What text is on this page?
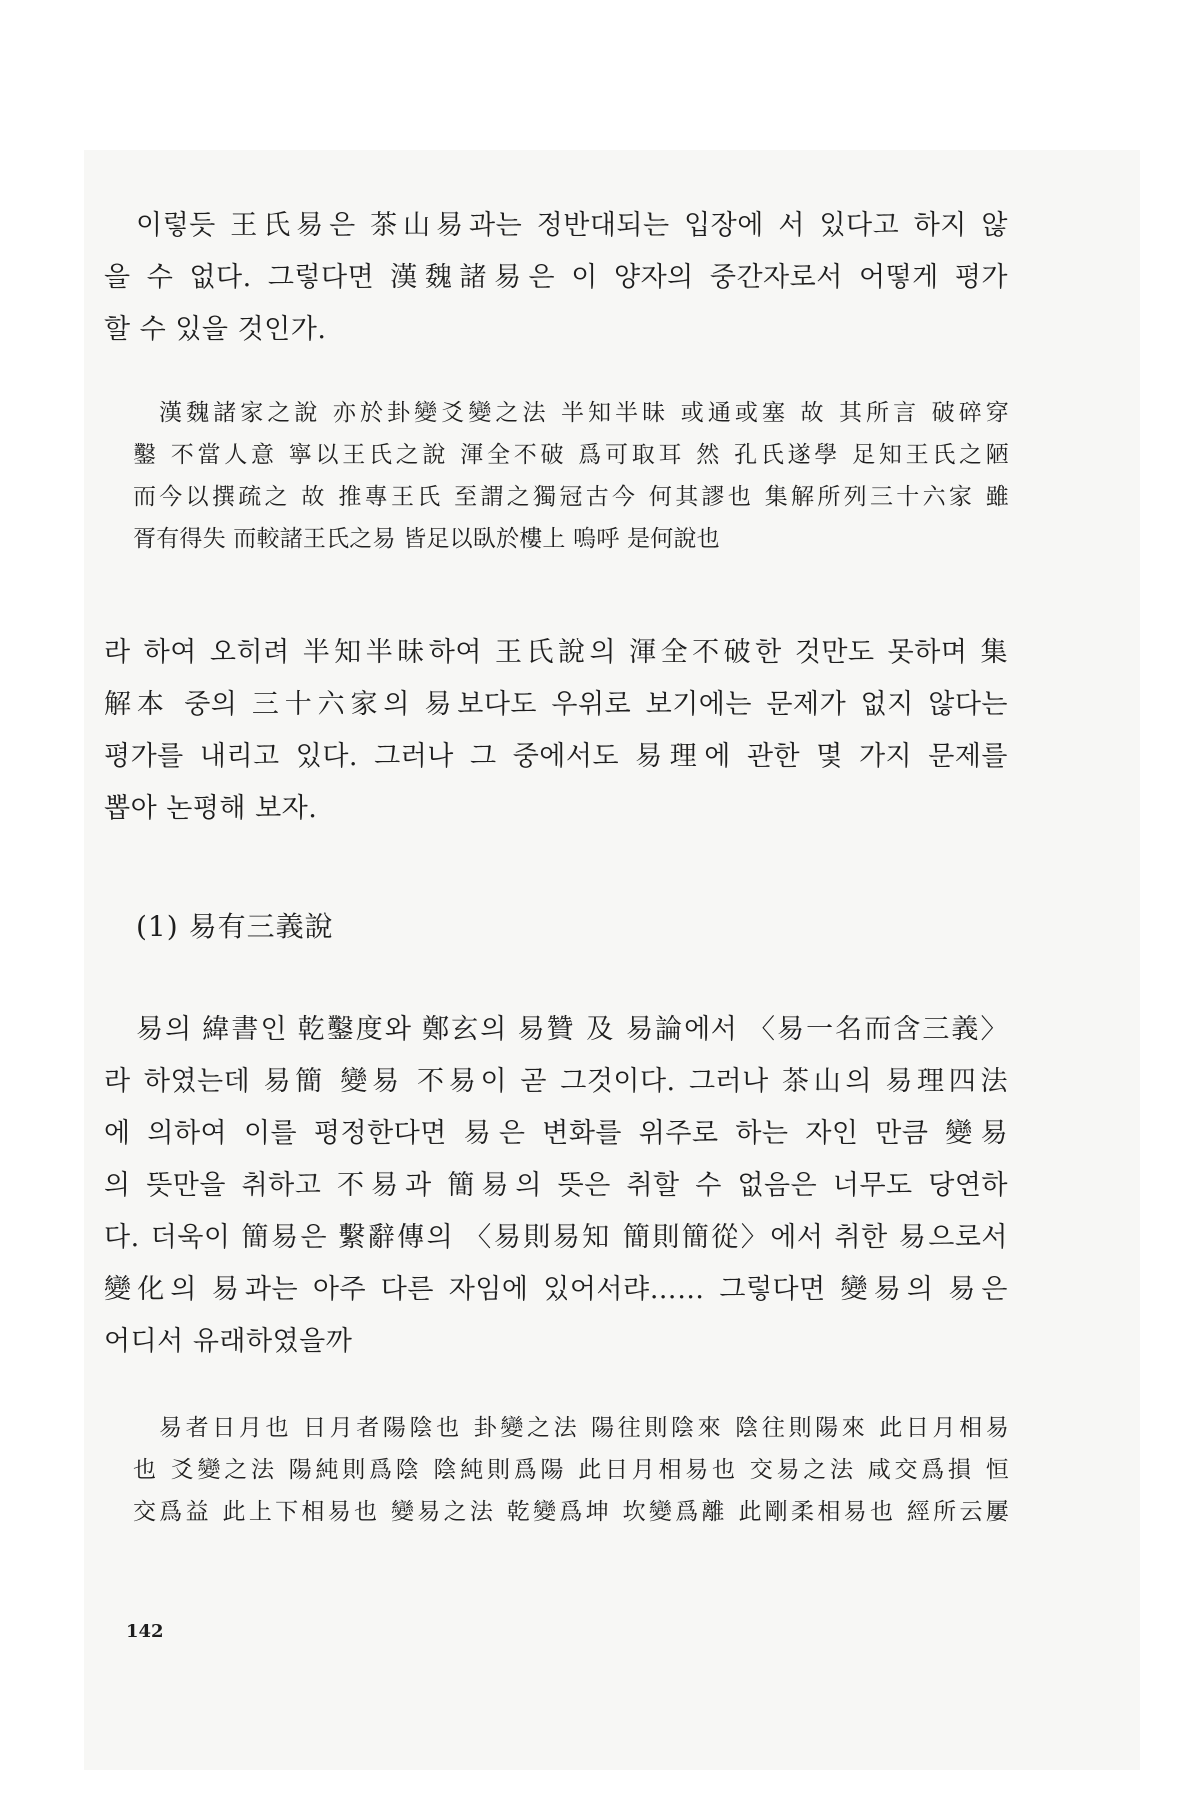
이렇듯 王氏易은 茶山易과는 정반대되는 입장에 서 있다고 하지 않
을 수 없다. 그렇다면 漢魏諸易은 이 양자의 중간자로서 어떻게 평가
할 수 있을 것인가.
漢魏諸家之說 亦於卦變爻變之法 半知半昧 或通或塞 故 其所言 破碎穿
鑿 不當人意 寧以王氏之說 渾全不破 爲可取耳 然 孔氏遂學 足知王氏之陋
而今以撰疏之 故 推專王氏 至謂之獨冠古今 何其謬也 集解所列三十六家 雖
胥有得失 而較諸王氏之易 皆足以臥於樓上 嗚呼 是何說也
라 하여 오히려 半知半昧하여 王氏說의 渾全不破한 것만도 못하며 集
解本 중의 三十六家의 易보다도 우위로 보기에는 문제가 없지 않다는
평가를 내리고 있다. 그러나 그 중에서도 易理에 관한 몇 가지 문제를
뽑아 논평해 보자.
(1) 易有三義說
易의 緯書인 乾鑿度와 鄭玄의 易贊 及 易論에서 〈易一名而含三義〉
라 하였는데 易簡 變易 不易이 곧 그것이다. 그러나 茶山의 易理四法
에 의하여 이를 평정한다면 易은 변화를 위주로 하는 자인 만큼 變易
의 뜻만을 취하고 不易과 簡易의 뜻은 취할 수 없음은 너무도 당연하
다. 더욱이 簡易은 繫辭傳의 〈易則易知 簡則簡從〉에서 취한 易으로서
變化의 易과는 아주 다른 자임에 있어서랴…… 그렇다면 變易의 易은
어디서 유래하였을까
易者日月也 日月者陽陰也 卦變之法 陽往則陰來 陰往則陽來 此日月相易
也 爻變之法 陽純則爲陰 陰純則爲陽 此日月相易也 交易之法 咸交爲損 恒
交爲益 此上下相易也 變易之法 乾變爲坤 坎變爲離 此剛柔相易也 經所云屢
142
